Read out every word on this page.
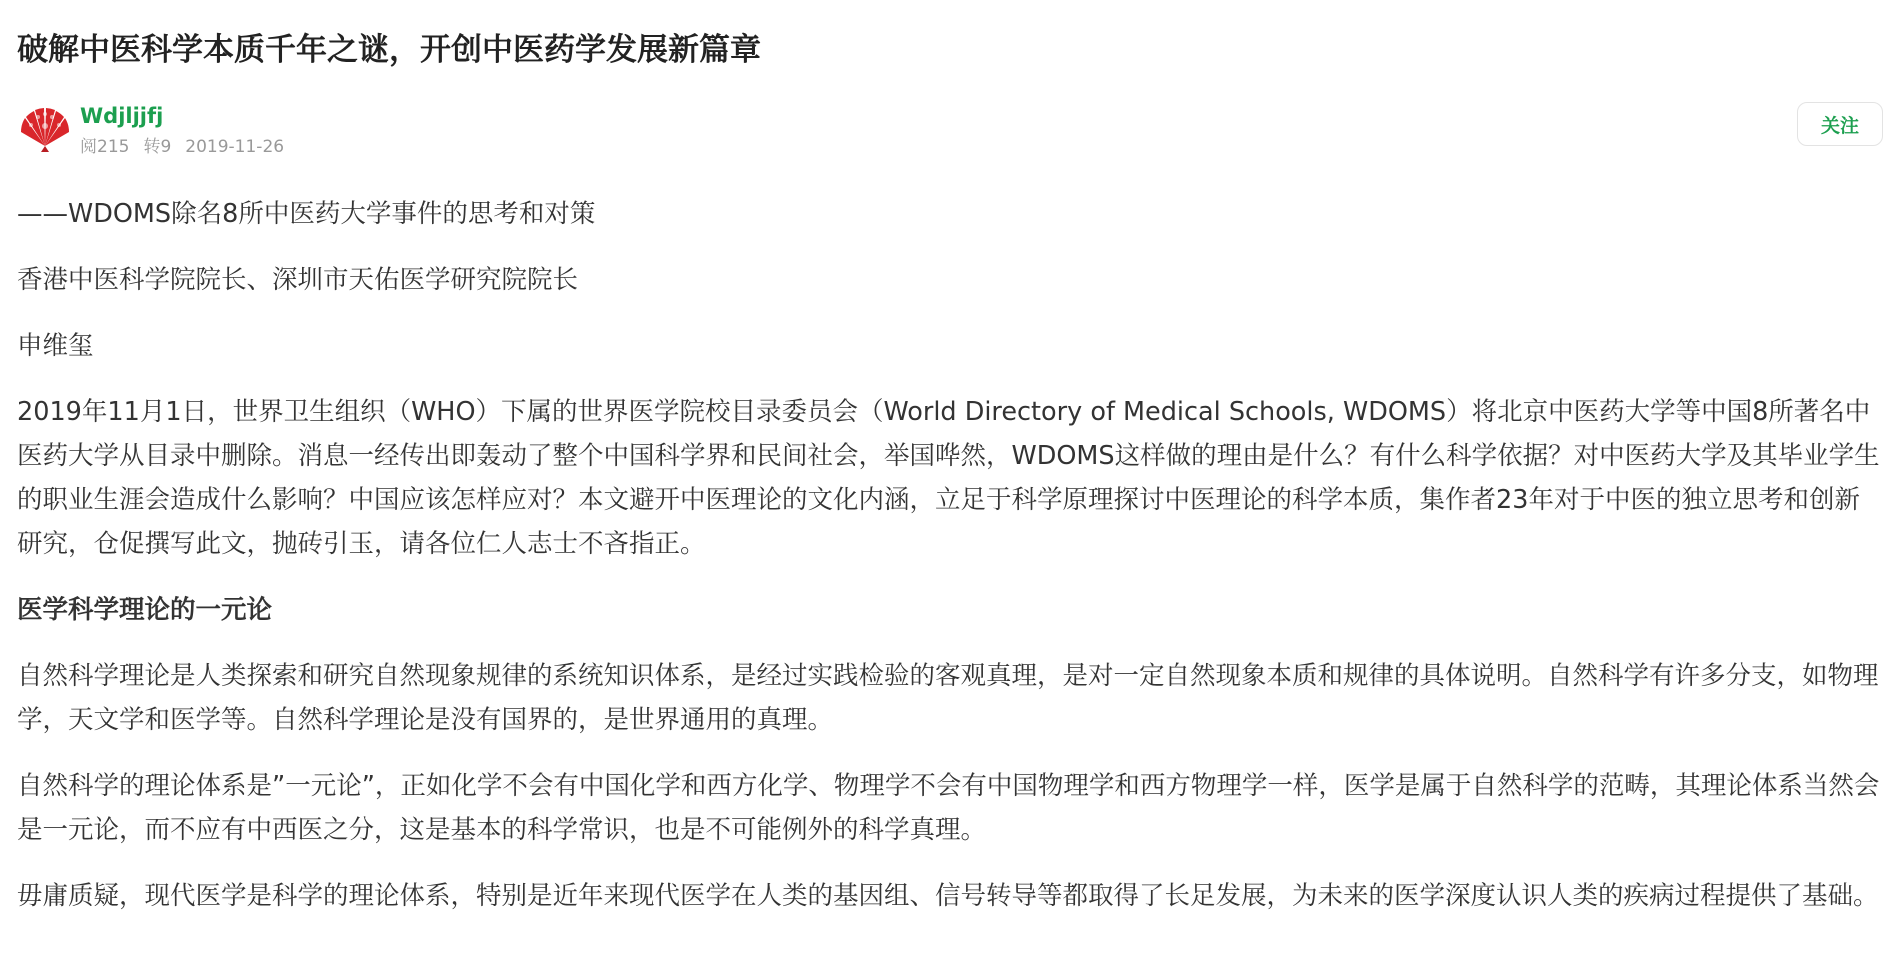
破解中医科学本质千年之谜，开创中医药学发展新篇章
Wdjljjfj
阅215 转9 2019-11-26
关注

——WDOMS除名8所中医药大学事件的思考和对策

香港中医科学院院长、深圳市天佑医学研究院院长

申维玺

2019年11月1日，世界卫生组织（WHO）下属的世界医学院校目录委员会（World Directory of Medical Schools, WDOMS）将北京中医药大学等中国8所著名中医药大学从目录中删除。消息一经传出即轰动了整个中国科学界和民间社会，举国哗然，WDOMS这样做的理由是什么？有什么科学依据？对中医药大学及其毕业学生的职业生涯会造成什么影响？中国应该怎样应对？本文避开中医理论的文化内涵，立足于科学原理探讨中医理论的科学本质，集作者23年对于中医的独立思考和创新研究，仓促撰写此文，抛砖引玉，请各位仁人志士不吝指正。

医学科学理论的一元论

自然科学理论是人类探索和研究自然现象规律的系统知识体系，是经过实践检验的客观真理，是对一定自然现象本质和规律的具体说明。自然科学有许多分支，如物理学，天文学和医学等。自然科学理论是没有国界的，是世界通用的真理。

自然科学的理论体系是”一元论”，正如化学不会有中国化学和西方化学、物理学不会有中国物理学和西方物理学一样，医学是属于自然科学的范畴，其理论体系当然会是一元论，而不应有中西医之分，这是基本的科学常识，也是不可能例外的科学真理。

毋庸质疑，现代医学是科学的理论体系，特别是近年来现代医学在人类的基因组、信号转导等都取得了长足发展，为未来的医学深度认识人类的疾病过程提供了基础。
